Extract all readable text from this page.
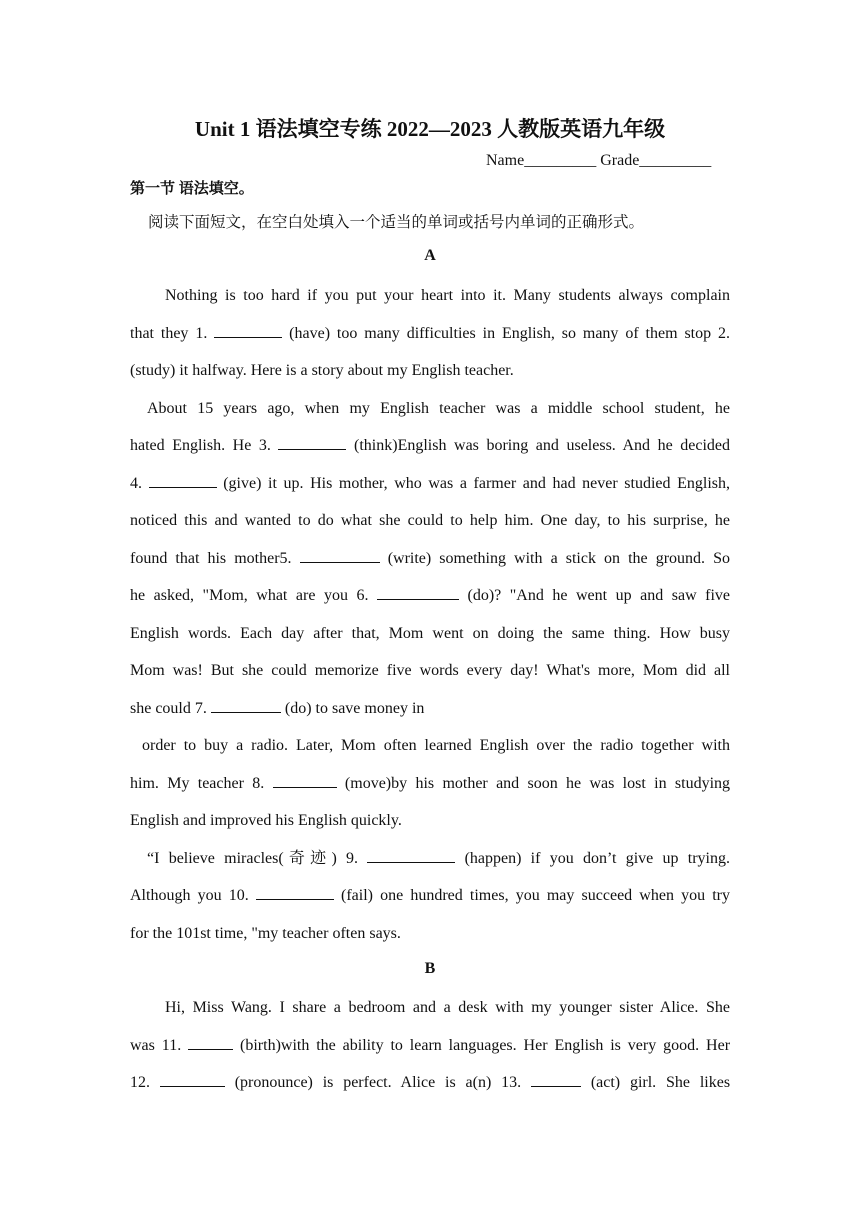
Unit 1 语法填空专练 2022—2023 人教版英语九年级
Name_________ Grade_________
第一节 语法填空。
阅读下面短文，在空白处填入一个适当的单词或括号内单词的正确形式。
A
Nothing is too hard if you put your heart into it. Many students always complain
that they 1.	(have) too many difficulties in English, so many of them stop 2.
(study) it halfway. Here is a story about my English teacher.
About 15 years ago, when my English teacher was a middle school student, he
hated English. He 3.	(think)English was boring and useless. And he decided
4.	(give) it up. His mother, who was a farmer and had never studied English,
noticed this and wanted to do what she could to help him. One day, to his surprise, he
found that his mother5.	(write) something with a stick on the ground. So
he asked, "Mom, what are you 6.	(do)? "And he went up and saw five
English words. Each day after that, Mom went on doing the same thing. How busy
Mom was! But she could memorize five words every day! What's more, Mom did all
she could 7.	(do) to save money in
order to buy a radio. Later, Mom often learned English over the radio together with
him. My teacher 8.	(move)by his mother and soon he was lost in studying
English and improved his English quickly.
“I believe miracles(奇迹) 9.	(happen) if you don’t give up trying.
Although you 10.	(fail) one hundred times, you may succeed when you try
for the 101st time, "my teacher often says.
B
Hi, Miss Wang. I share a bedroom and a desk with my younger sister Alice. She
was 11.	(birth)with the ability to learn languages. Her English is very good. Her
12.	(pronounce) is perfect. Alice is a(n) 13.	(act) girl. She likes
